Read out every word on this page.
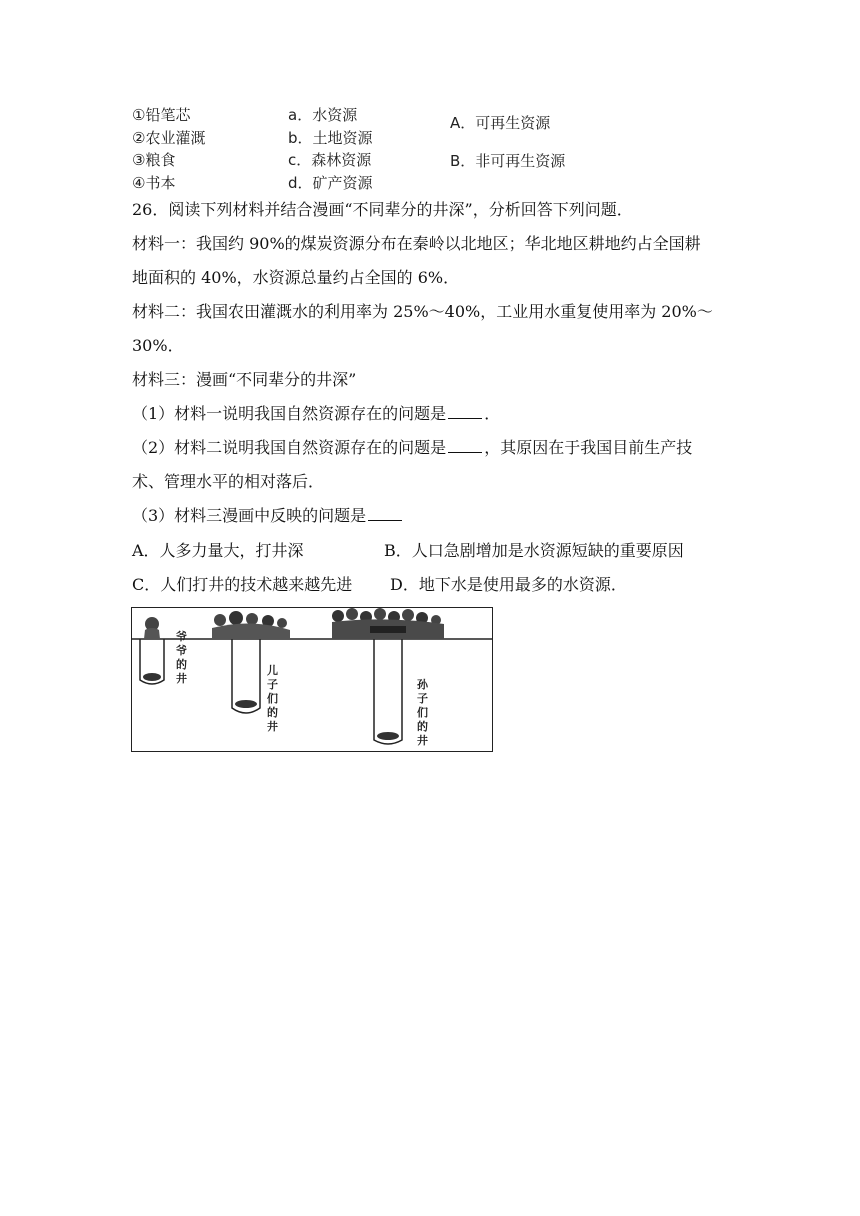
①铅笔芯
②农业灌溉
③粮食
④书本
a．水资源
b．土地资源
c．森林资源
d．矿产资源
A．可再生资源
B．非可再生资源

26．阅读下列材料并结合漫画“不同辈分的井深”，分析回答下列问题．

材料一：我国约 90%的煤炭资源分布在秦岭以北地区；华北地区耕地约占全国耕

地面积的 40%，水资源总量约占全国的 6%．

材料二：我国农田灌溉水的利用率为 25%～40%，工业用水重复使用率为 20%～

30%．

材料三：漫画“不同辈分的井深”

（1）材料一说明我国自然资源存在的问题是 ．

（2）材料二说明我国自然资源存在的问题是 ，其原因在于我国目前生产技

术、管理水平的相对落后．

（3）材料三漫画中反映的问题是

A．人多力量大，打井深	B．人口急剧增加是水资源短缺的重要原因
C．人们打井的技术越来越先进 D．地下水是使用最多的水资源．
爷爷的井
儿子们的井
孙子们的井
